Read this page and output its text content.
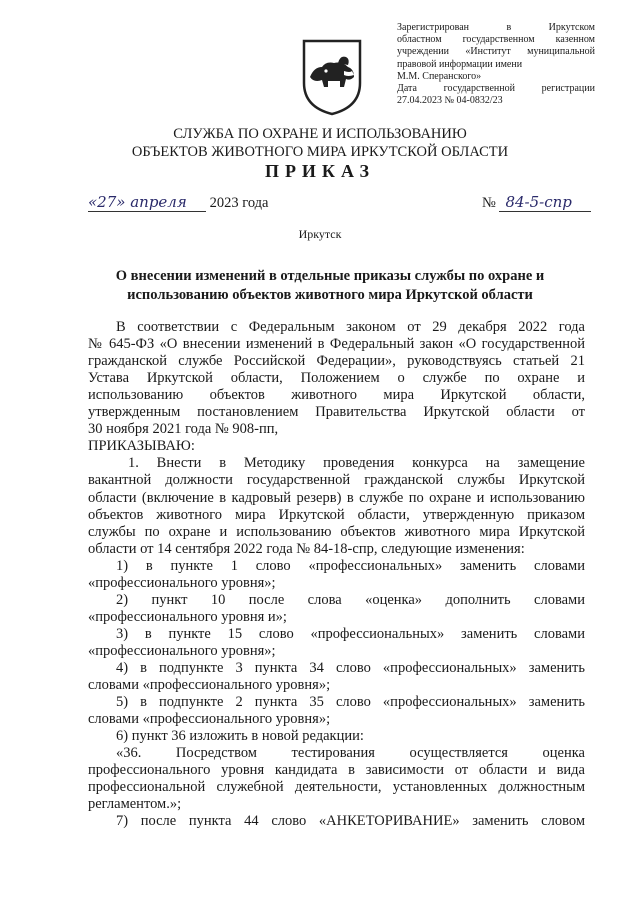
Зарегистрирован в Иркутском
областном государственном казенном
учреждении «Институт муниципальной
правовой информации имени
М.М. Сперанского»
Дата государственной регистрации
27.04.2023 № 04-0832/23
СЛУЖБА ПО ОХРАНЕ И ИСПОЛЬЗОВАНИЮ
ОБЪЕКТОВ ЖИВОТНОГО МИРА ИРКУТСКОЙ ОБЛАСТИ
ПРИКАЗ
«27» апреля 2023 года	№ 84-5-спр
Иркутск
О внесении изменений в отдельные приказы службы по охране и
использованию объектов животного мира Иркутской области
В соответствии с Федеральным законом от 29 декабря 2022 года
№ 645-ФЗ «О внесении изменений в Федеральный закон «О государственной
гражданской службе Российской Федерации», руководствуясь статьей 21
Устава Иркутской области, Положением о службе по охране и
использованию объектов животного мира Иркутской области,
утвержденным постановлением Правительства Иркутской области от
30 ноября 2021 года № 908-пп,
ПРИКАЗЫВАЮ:
1. Внести в Методику проведения конкурса на замещение
вакантной должности государственной гражданской службы Иркутской
области (включение в кадровый резерв) в службе по охране и использованию
объектов животного мира Иркутской области, утвержденную приказом
службы по охране и использованию объектов животного мира Иркутской
области от 14 сентября 2022 года № 84-18-спр, следующие изменения:
1) в пункте 1 слово «профессиональных» заменить словами
«профессионального уровня»;
2) пункт 10 после слова «оценка» дополнить словами
«профессионального уровня и»;
3) в пункте 15 слово «профессиональных» заменить словами
«профессионального уровня»;
4) в подпункте 3 пункта 34 слово «профессиональных» заменить
словами «профессионального уровня»;
5) в подпункте 2 пункта 35 слово «профессиональных» заменить
словами «профессионального уровня»;
6) пункт 36 изложить в новой редакции:
«36. Посредством тестирования осуществляется оценка
профессионального уровня кандидата в зависимости от области и вида
профессиональной служебной деятельности, установленных должностным
регламентом.»;
7) после пункта 44 слово «АНКЕТОРИВАНИЕ» заменить словом
